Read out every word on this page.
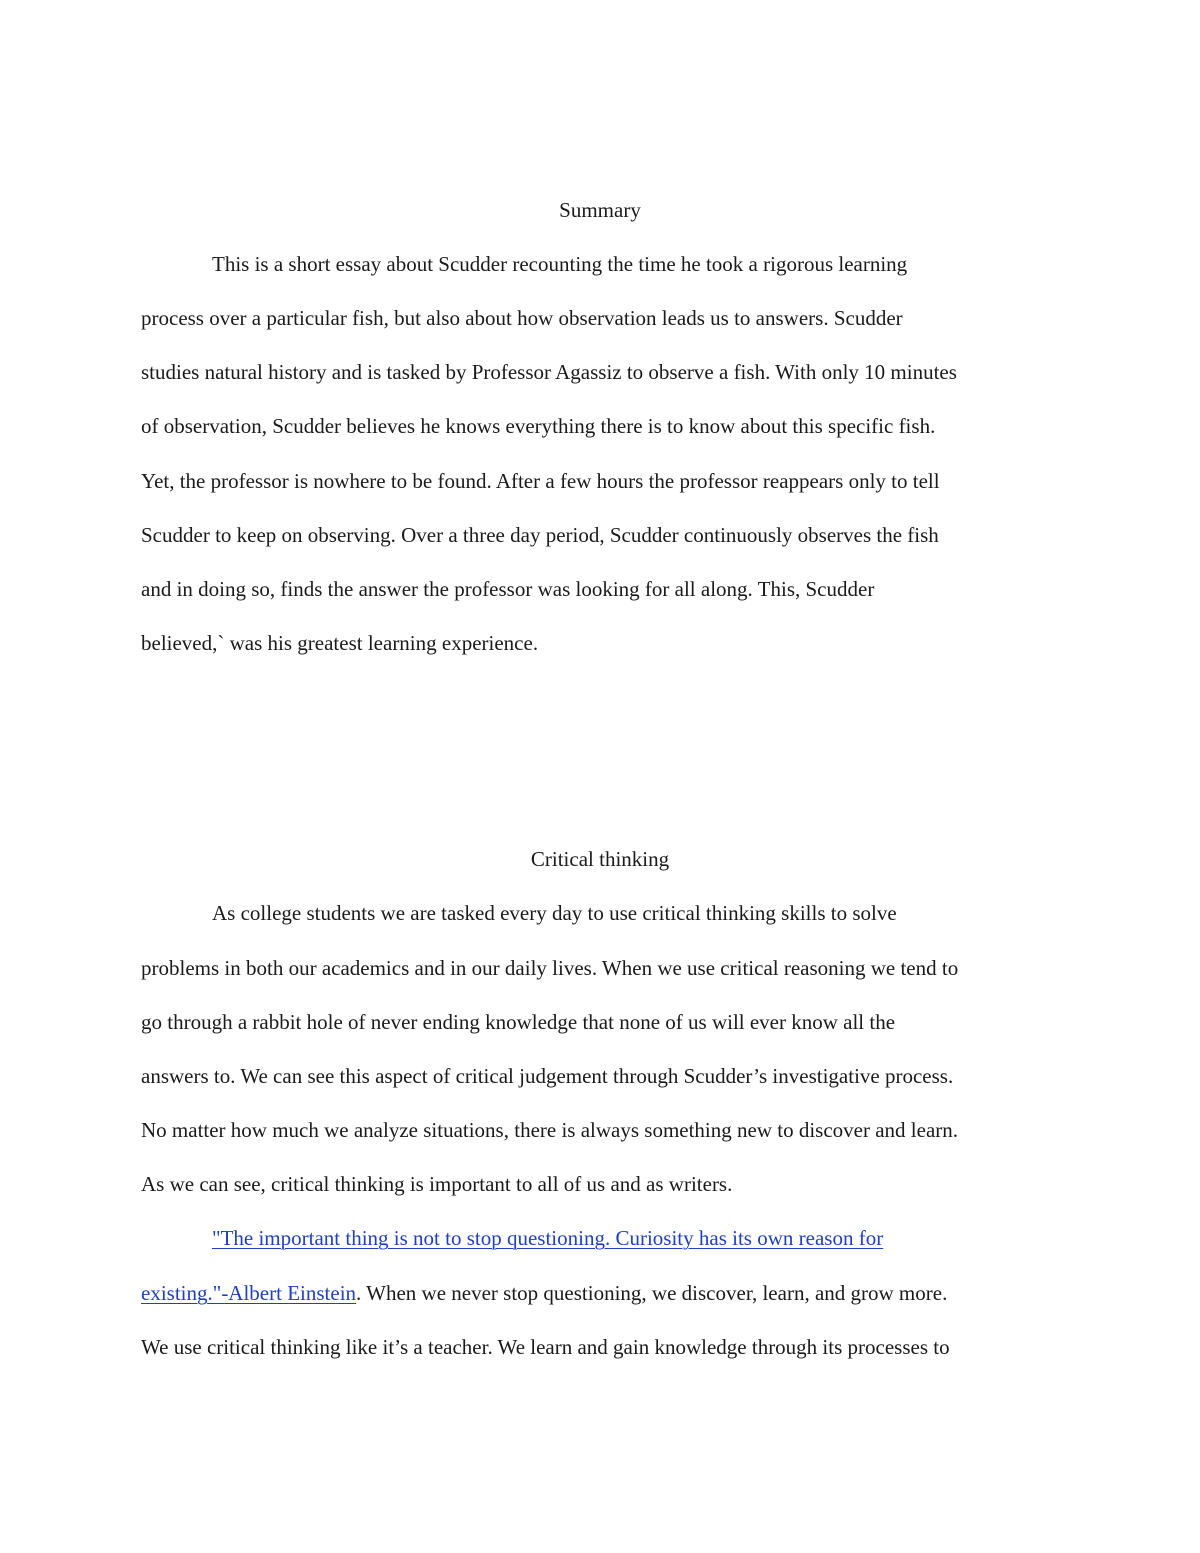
Summary

This is a short essay about Scudder recounting the time he took a rigorous learning

process over a particular fish, but also about how observation leads us to answers. Scudder

studies natural history and is tasked by Professor Agassiz to observe a fish. With only 10 minutes

of observation, Scudder believes he knows everything there is to know about this specific fish.

Yet, the professor is nowhere to be found. After a few hours the professor reappears only to tell

Scudder to keep on observing. Over a three day period, Scudder continuously observes the fish

and in doing so, finds the answer the professor was looking for all along. This, Scudder

believed,` was his greatest learning experience.

Critical thinking

As college students we are tasked every day to use critical thinking skills to solve

problems in both our academics and in our daily lives. When we use critical reasoning we tend to

go through a rabbit hole of never ending knowledge that none of us will ever know all the

answers to. We can see this aspect of critical judgement through Scudder’s investigative process.

No matter how much we analyze situations, there is always something new to discover and learn.

As we can see, critical thinking is important to all of us and as writers.

"The important thing is not to stop questioning. Curiosity has its own reason for

existing."-Albert Einstein. When we never stop questioning, we discover, learn, and grow more.

We use critical thinking like it’s a teacher. We learn and gain knowledge through its processes to
